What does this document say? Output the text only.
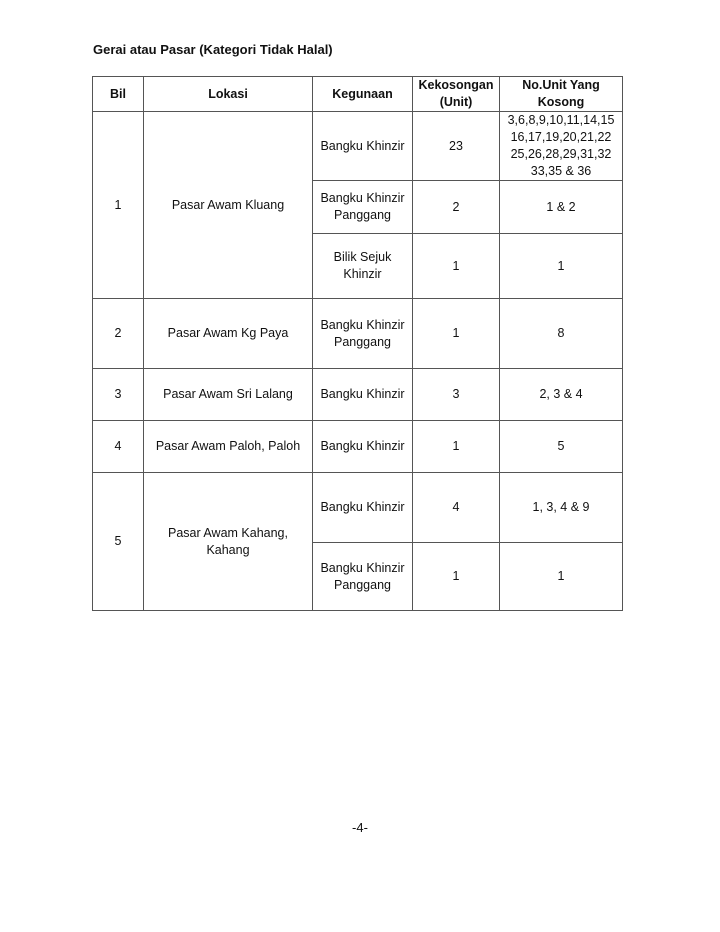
Gerai atau Pasar (Kategori Tidak Halal)
Bil	Lokasi	Kegunaan	Kekosongan (Unit)	No.Unit Yang Kosong
1	Pasar Awam Kluang	Bangku Khinzir	23	3,6,8,9,10,11,14,15
16,17,19,20,21,22
25,26,28,29,31,32
33,35 & 36
		Bangku Khinzir Panggang	2	1 & 2
		Bilik Sejuk Khinzir	1	1
2	Pasar Awam Kg Paya	Bangku Khinzir Panggang	1	8
3	Pasar Awam Sri Lalang	Bangku Khinzir	3	2, 3 & 4
4	Pasar Awam Paloh, Paloh	Bangku Khinzir	1	5
5	Pasar Awam Kahang, Kahang	Bangku Khinzir	4	1, 3, 4 & 9
		Bangku Khinzir Panggang	1	1
-4-
